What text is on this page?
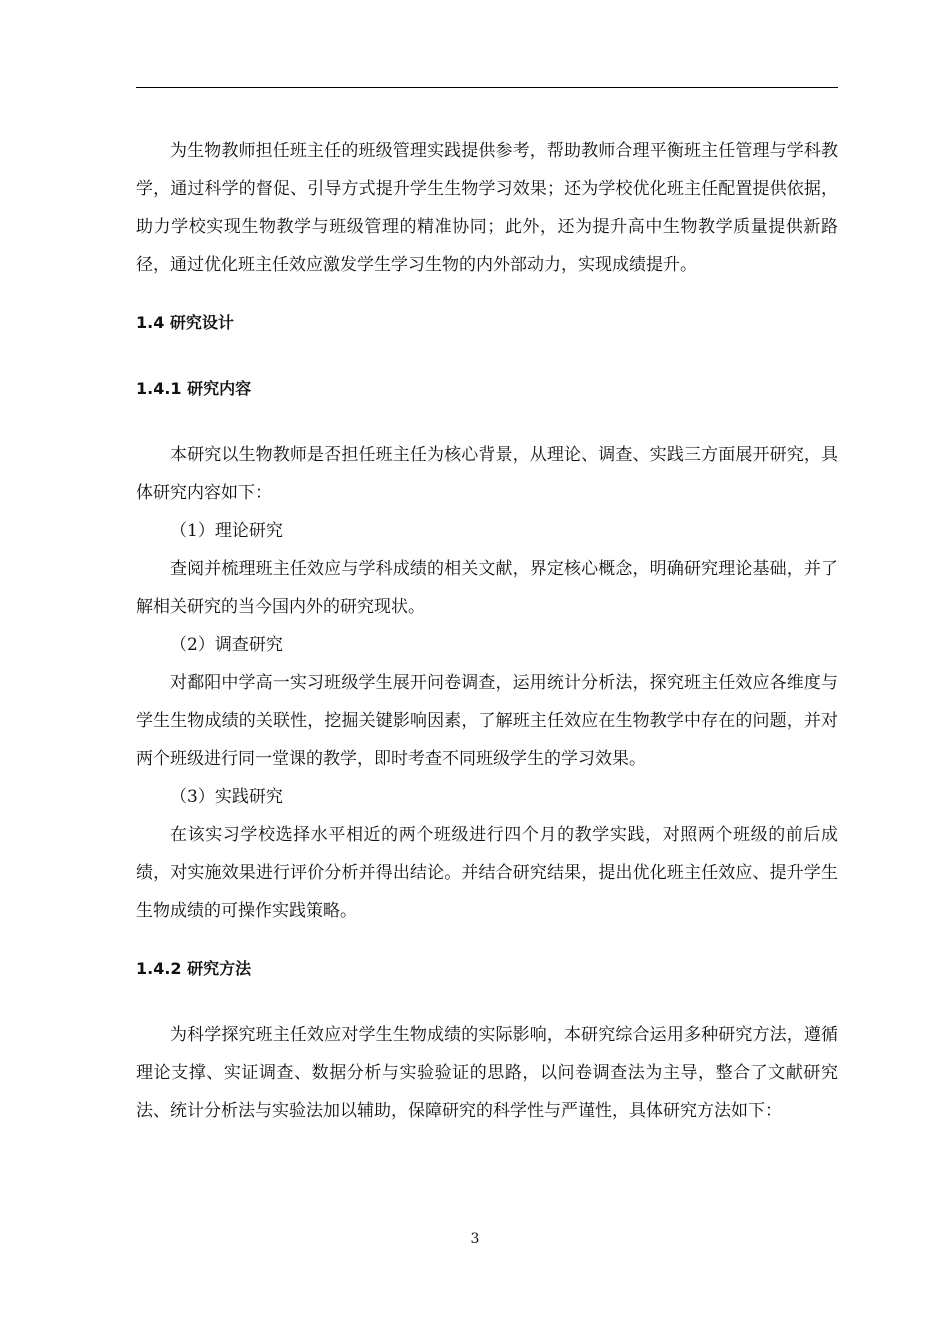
为生物教师担任班主任的班级管理实践提供参考，帮助教师合理平衡班主任管理与学科教学，通过科学的督促、引导方式提升学生生物学习效果；还为学校优化班主任配置提供依据，助力学校实现生物教学与班级管理的精准协同；此外，还为提升高中生物教学质量提供新路径，通过优化班主任效应激发学生学习生物的内外部动力，实现成绩提升。

1.4 研究设计
1.4.1 研究内容

本研究以生物教师是否担任班主任为核心背景，从理论、调查、实践三方面展开研究，具体研究内容如下：

（1）理论研究

查阅并梳理班主任效应与学科成绩的相关文献，界定核心概念，明确研究理论基础，并了解相关研究的当今国内外的研究现状。

（2）调查研究

对鄱阳中学高一实习班级学生展开问卷调查，运用统计分析法，探究班主任效应各维度与学生生物成绩的关联性，挖掘关键影响因素，了解班主任效应在生物教学中存在的问题，并对两个班级进行同一堂课的教学，即时考查不同班级学生的学习效果。

（3）实践研究

在该实习学校选择水平相近的两个班级进行四个月的教学实践，对照两个班级的前后成绩，对实施效果进行评价分析并得出结论。并结合研究结果，提出优化班主任效应、提升学生生物成绩的可操作实践策略。

1.4.2 研究方法

为科学探究班主任效应对学生生物成绩的实际影响，本研究综合运用多种研究方法，遵循理论支撑、实证调查、数据分析与实验验证的思路，以问卷调查法为主导，整合了文献研究法、统计分析法与实验法加以辅助，保障研究的科学性与严谨性，具体研究方法如下：

3
